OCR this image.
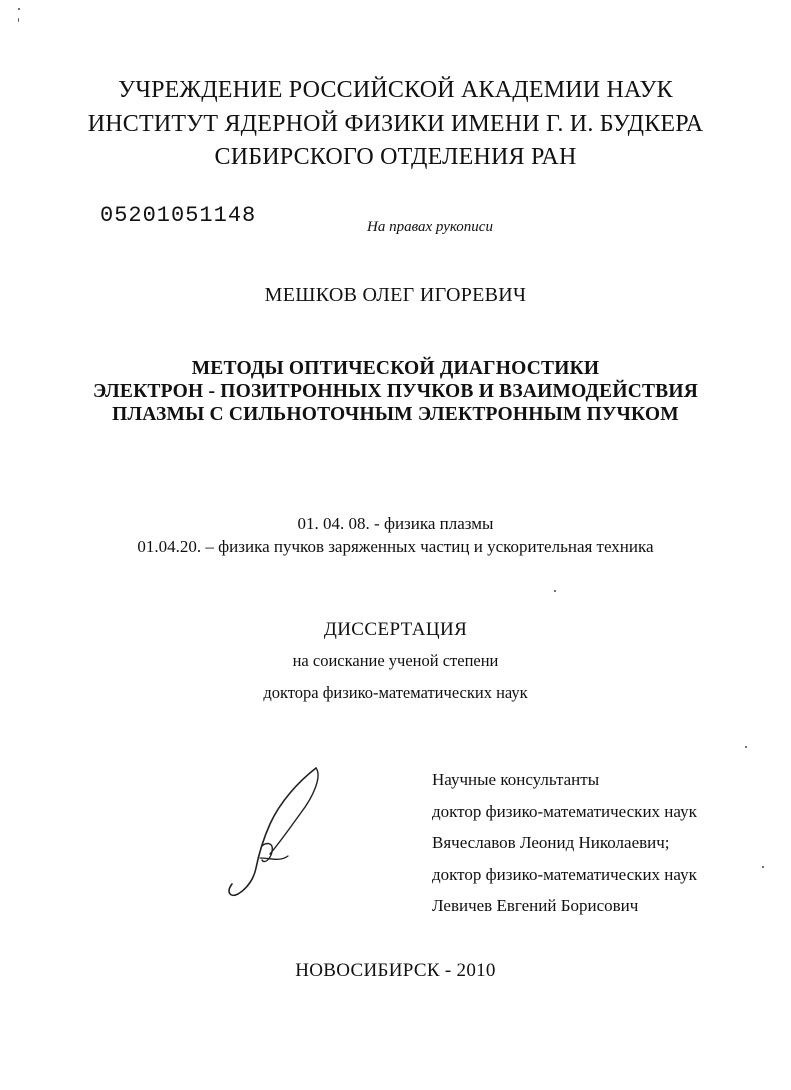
УЧРЕЖДЕНИЕ РОССИЙСКОЙ АКАДЕМИИ НАУК
ИНСТИТУТ ЯДЕРНОЙ ФИЗИКИ ИМЕНИ Г. И. БУДКЕРА
СИБИРСКОГО ОТДЕЛЕНИЯ РАН
05201051148	На правах рукописи
МЕШКОВ ОЛЕГ ИГОРЕВИЧ
МЕТОДЫ ОПТИЧЕСКОЙ ДИАГНОСТИКИ
ЭЛЕКТРОН - ПОЗИТРОННЫХ ПУЧКОВ И ВЗАИМОДЕЙСТВИЯ
ПЛАЗМЫ С СИЛЬНОТОЧНЫМ ЭЛЕКТРОННЫМ ПУЧКОМ
01. 04. 08. - физика плазмы
01.04.20. – физика пучков заряженных частиц и ускорительная техника
ДИССЕРТАЦИЯ
на соискание ученой степени
доктора физико-математических наук
Научные консультанты
доктор физико-математических наук
Вячеславов Леонид Николаевич;
доктор физико-математических наук
Левичев Евгений Борисович
НОВОСИБИРСК - 2010
